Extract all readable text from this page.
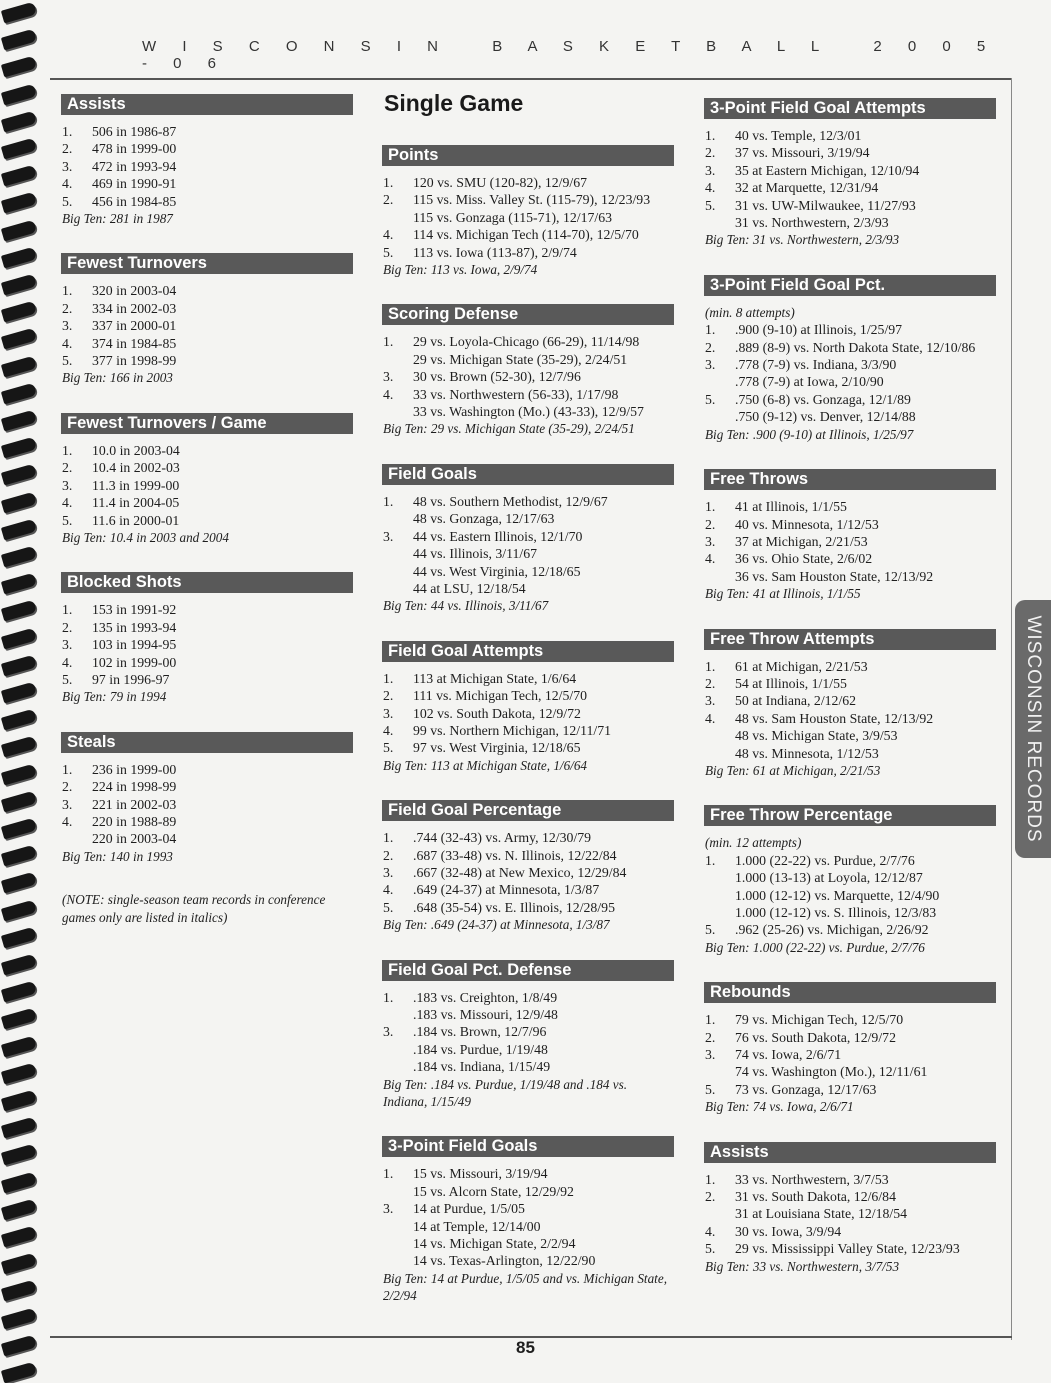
W I S C O N S I N	B A S K E T B A L L	2 0 0 5 - 0 6
Assists
1. 506 in 1986-87
2. 478 in 1999-00
3. 472 in 1993-94
4. 469 in 1990-91
5. 456 in 1984-85
Big Ten: 281 in 1987
Fewest Turnovers
1. 320 in 2003-04
2. 334 in 2002-03
3. 337 in 2000-01
4. 374 in 1984-85
5. 377 in 1998-99
Big Ten: 166 in 2003
Fewest Turnovers / Game
1. 10.0 in 2003-04
2. 10.4 in 2002-03
3. 11.3 in 1999-00
4. 11.4 in 2004-05
5. 11.6 in 2000-01
Big Ten: 10.4 in 2003 and 2004
Blocked Shots
1. 153 in 1991-92
2. 135 in 1993-94
3. 103 in 1994-95
4. 102 in 1999-00
5. 97 in 1996-97
Big Ten: 79 in 1994
Steals
1. 236 in 1999-00
2. 224 in 1998-99
3. 221 in 2002-03
4. 220 in 1988-89
220 in 2003-04
Big Ten: 140 in 1993
(NOTE: single-season team records in conference games only are listed in italics)
Single Game
Points
1. 120 vs. SMU (120-82), 12/9/67
2. 115 vs. Miss. Valley St. (115-79), 12/23/93
115 vs. Gonzaga (115-71), 12/17/63
4. 114 vs. Michigan Tech (114-70), 12/5/70
5. 113 vs. Iowa (113-87), 2/9/74
Big Ten: 113 vs. Iowa, 2/9/74
Scoring Defense
1. 29 vs. Loyola-Chicago (66-29), 11/14/98
29 vs. Michigan State (35-29), 2/24/51
3. 30 vs. Brown (52-30), 12/7/96
4. 33 vs. Northwestern (56-33), 1/17/98
33 vs. Washington (Mo.) (43-33), 12/9/57
Big Ten: 29 vs. Michigan State (35-29), 2/24/51
Field Goals
1. 48 vs. Southern Methodist, 12/9/67
48 vs. Gonzaga, 12/17/63
3. 44 vs. Eastern Illinois, 12/1/70
44 vs. Illinois, 3/11/67
44 vs. West Virginia, 12/18/65
44 at LSU, 12/18/54
Big Ten: 44 vs. Illinois, 3/11/67
Field Goal Attempts
1. 113 at Michigan State, 1/6/64
2. 111 vs. Michigan Tech, 12/5/70
3. 102 vs. South Dakota, 12/9/72
4. 99 vs. Northern Michigan, 12/11/71
5. 97 vs. West Virginia, 12/18/65
Big Ten: 113 at Michigan State, 1/6/64
Field Goal Percentage
1. .744 (32-43) vs. Army, 12/30/79
2. .687 (33-48) vs. N. Illinois, 12/22/84
3. .667 (32-48) at New Mexico, 12/29/84
4. .649 (24-37) at Minnesota, 1/3/87
5. .648 (35-54) vs. E. Illinois, 12/28/95
Big Ten: .649 (24-37) at Minnesota, 1/3/87
Field Goal Pct. Defense
1. .183 vs. Creighton, 1/8/49
.183 vs. Missouri, 12/9/48
3. .184 vs. Brown, 12/7/96
.184 vs. Purdue, 1/19/48
.184 vs. Indiana, 1/15/49
Big Ten: .184 vs. Purdue, 1/19/48 and .184 vs. Indiana, 1/15/49
3-Point Field Goals
1. 15 vs. Missouri, 3/19/94
15 vs. Alcorn State, 12/29/92
3. 14 at Purdue, 1/5/05
14 at Temple, 12/14/00
14 vs. Michigan State, 2/2/94
14 vs. Texas-Arlington, 12/22/90
Big Ten: 14 at Purdue, 1/5/05 and vs. Michigan State, 2/2/94
3-Point Field Goal Attempts
1. 40 vs. Temple, 12/3/01
2. 37 vs. Missouri, 3/19/94
3. 35 at Eastern Michigan, 12/10/94
4. 32 at Marquette, 12/31/94
5. 31 vs. UW-Milwaukee, 11/27/93
31 vs. Northwestern, 2/3/93
Big Ten: 31 vs. Northwestern, 2/3/93
3-Point Field Goal Pct.
(min. 8 attempts)
1. .900 (9-10) at Illinois, 1/25/97
2. .889 (8-9) vs. North Dakota State, 12/10/86
3. .778 (7-9) vs. Indiana, 3/3/90
.778 (7-9) at Iowa, 2/10/90
5. .750 (6-8) vs. Gonzaga, 12/1/89
.750 (9-12) vs. Denver, 12/14/88
Big Ten: .900 (9-10) at Illinois, 1/25/97
Free Throws
1. 41 at Illinois, 1/1/55
2. 40 vs. Minnesota, 1/12/53
3. 37 at Michigan, 2/21/53
4. 36 vs. Ohio State, 2/6/02
36 vs. Sam Houston State, 12/13/92
Big Ten: 41 at Illinois, 1/1/55
Free Throw Attempts
1. 61 at Michigan, 2/21/53
2. 54 at Illinois, 1/1/55
3. 50 at Indiana, 2/12/62
4. 48 vs. Sam Houston State, 12/13/92
48 vs. Michigan State, 3/9/53
48 vs. Minnesota, 1/12/53
Big Ten: 61 at Michigan, 2/21/53
Free Throw Percentage
(min. 12 attempts)
1. 1.000 (22-22) vs. Purdue, 2/7/76
1.000 (13-13) at Loyola, 12/12/87
1.000 (12-12) vs. Marquette, 12/4/90
1.000 (12-12) vs. S. Illinois, 12/3/83
5. .962 (25-26) vs. Michigan, 2/26/92
Big Ten: 1.000 (22-22) vs. Purdue, 2/7/76
Rebounds
1. 79 vs. Michigan Tech, 12/5/70
2. 76 vs. South Dakota, 12/9/72
3. 74 vs. Iowa, 2/6/71
74 vs. Washington (Mo.), 12/11/61
5. 73 vs. Gonzaga, 12/17/63
Big Ten: 74 vs. Iowa, 2/6/71
Assists
1. 33 vs. Northwestern, 3/7/53
2. 31 vs. South Dakota, 12/6/84
31 at Louisiana State, 12/18/54
4. 30 vs. Iowa, 3/9/94
5. 29 vs. Mississippi Valley State, 12/23/93
Big Ten: 33 vs. Northwestern, 3/7/53
WISCONSIN RECORDS
85
